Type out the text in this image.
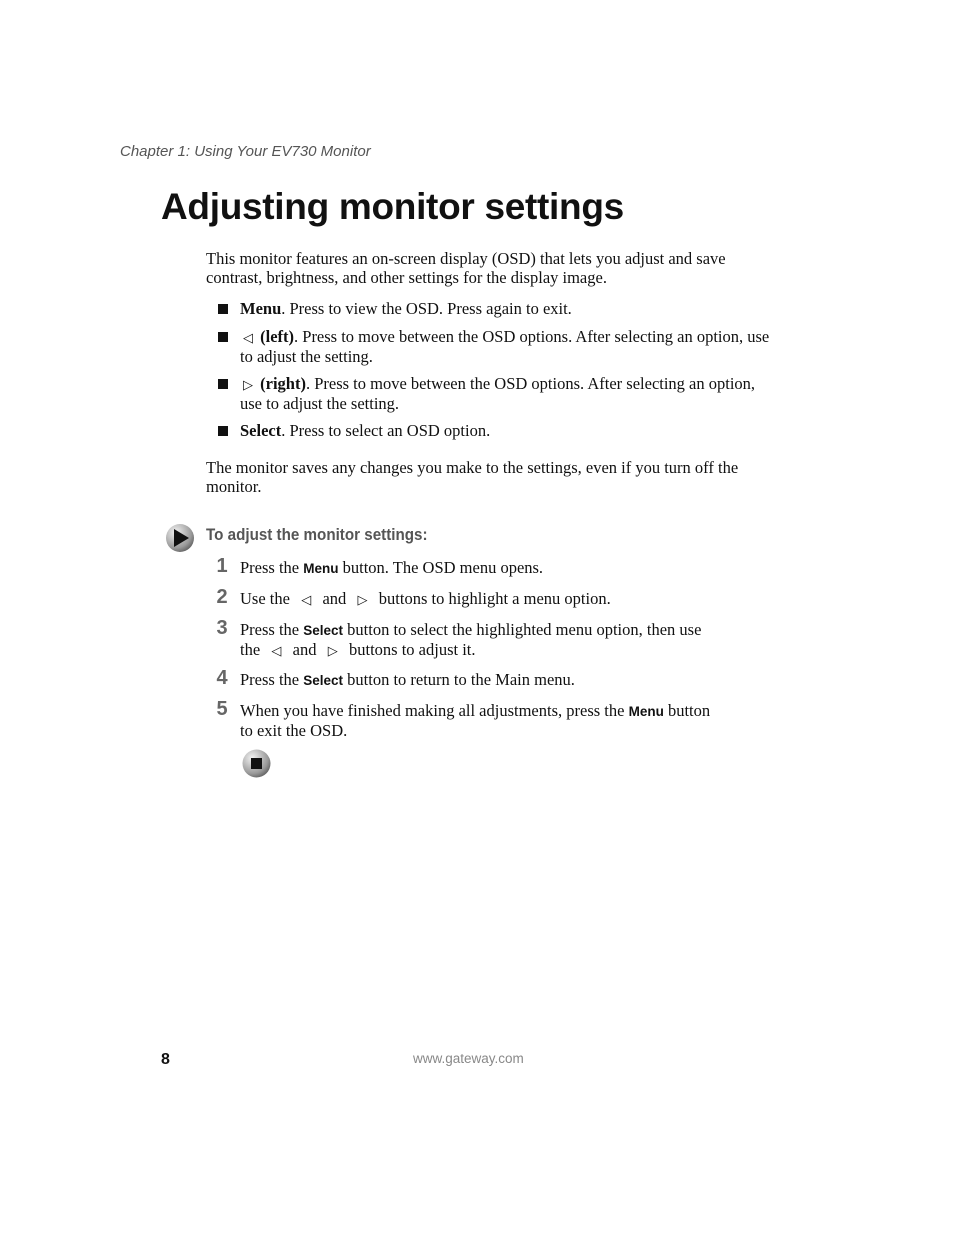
Chapter 1: Using Your EV730 Monitor
Adjusting monitor settings
This monitor features an on-screen display (OSD) that lets you adjust and save contrast, brightness, and other settings for the display image.
Menu. Press to view the OSD. Press again to exit.
◁ (left). Press to move between the OSD options. After selecting an option, use to adjust the setting.
▷ (right). Press to move between the OSD options. After selecting an option, use to adjust the setting.
Select. Press to select an OSD option.
The monitor saves any changes you make to the settings, even if you turn off the monitor.
To adjust the monitor settings:
1 Press the Menu button. The OSD menu opens.
2 Use the  ◁ and ▷ buttons to highlight a menu option.
3 Press the Select button to select the highlighted menu option, then use
the ◁ and ▷ buttons to adjust it.
4 Press the Select button to return to the Main menu.
5 When you have finished making all adjustments, press the Menu button
to exit the OSD.
8	www.gateway.com
